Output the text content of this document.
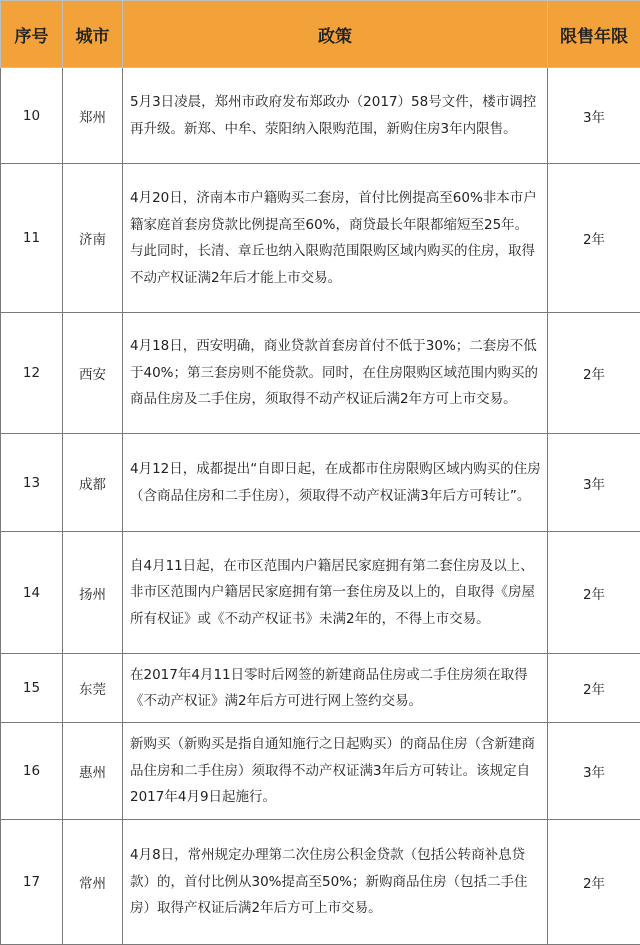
序号	城市	政策	限售年限
10	郑州	5月3日凌晨，郑州市政府发布郑政办（2017）58号文件，楼市调控再升级。新郑、中牟、荥阳纳入限购范围，新购住房3年内限售。	3年
11	济南	4月20日，济南本市户籍购买二套房，首付比例提高至60%非本市户籍家庭首套房贷款比例提高至60%，商贷最长年限都缩短至25年。与此同时，长清、章丘也纳入限购范围限购区域内购买的住房，取得不动产权证满2年后才能上市交易。	2年
12	西安	4月18日，西安明确，商业贷款首套房首付不低于30%；二套房不低于40%；第三套房则不能贷款。同时，在住房限购区域范围内购买的商品住房及二手住房，须取得不动产权证后满2年方可上市交易。	2年
13	成都	4月12日，成都提出“自即日起，在成都市住房限购区域内购买的住房（含商品住房和二手住房），须取得不动产权证满3年后方可转让”。	3年
14	扬州	自4月11日起，在市区范围内户籍居民家庭拥有第二套住房及以上、非市区范围内户籍居民家庭拥有第一套住房及以上的，自取得《房屋所有权证》或《不动产权证书》未满2年的，不得上市交易。	2年
15	东莞	在2017年4月11日零时后网签的新建商品住房或二手住房须在取得《不动产权证》满2年后方可进行网上签约交易。	2年
16	惠州	新购买（新购买是指自通知施行之日起购买）的商品住房（含新建商品住房和二手住房）须取得不动产权证满3年后方可转让。该规定自2017年4月9日起施行。	3年
17	常州	4月8日，常州规定办理第二次住房公积金贷款（包括公转商补息贷款）的，首付比例从30%提高至50%；新购商品住房（包括二手住房）取得产权证后满2年后方可上市交易。	2年
